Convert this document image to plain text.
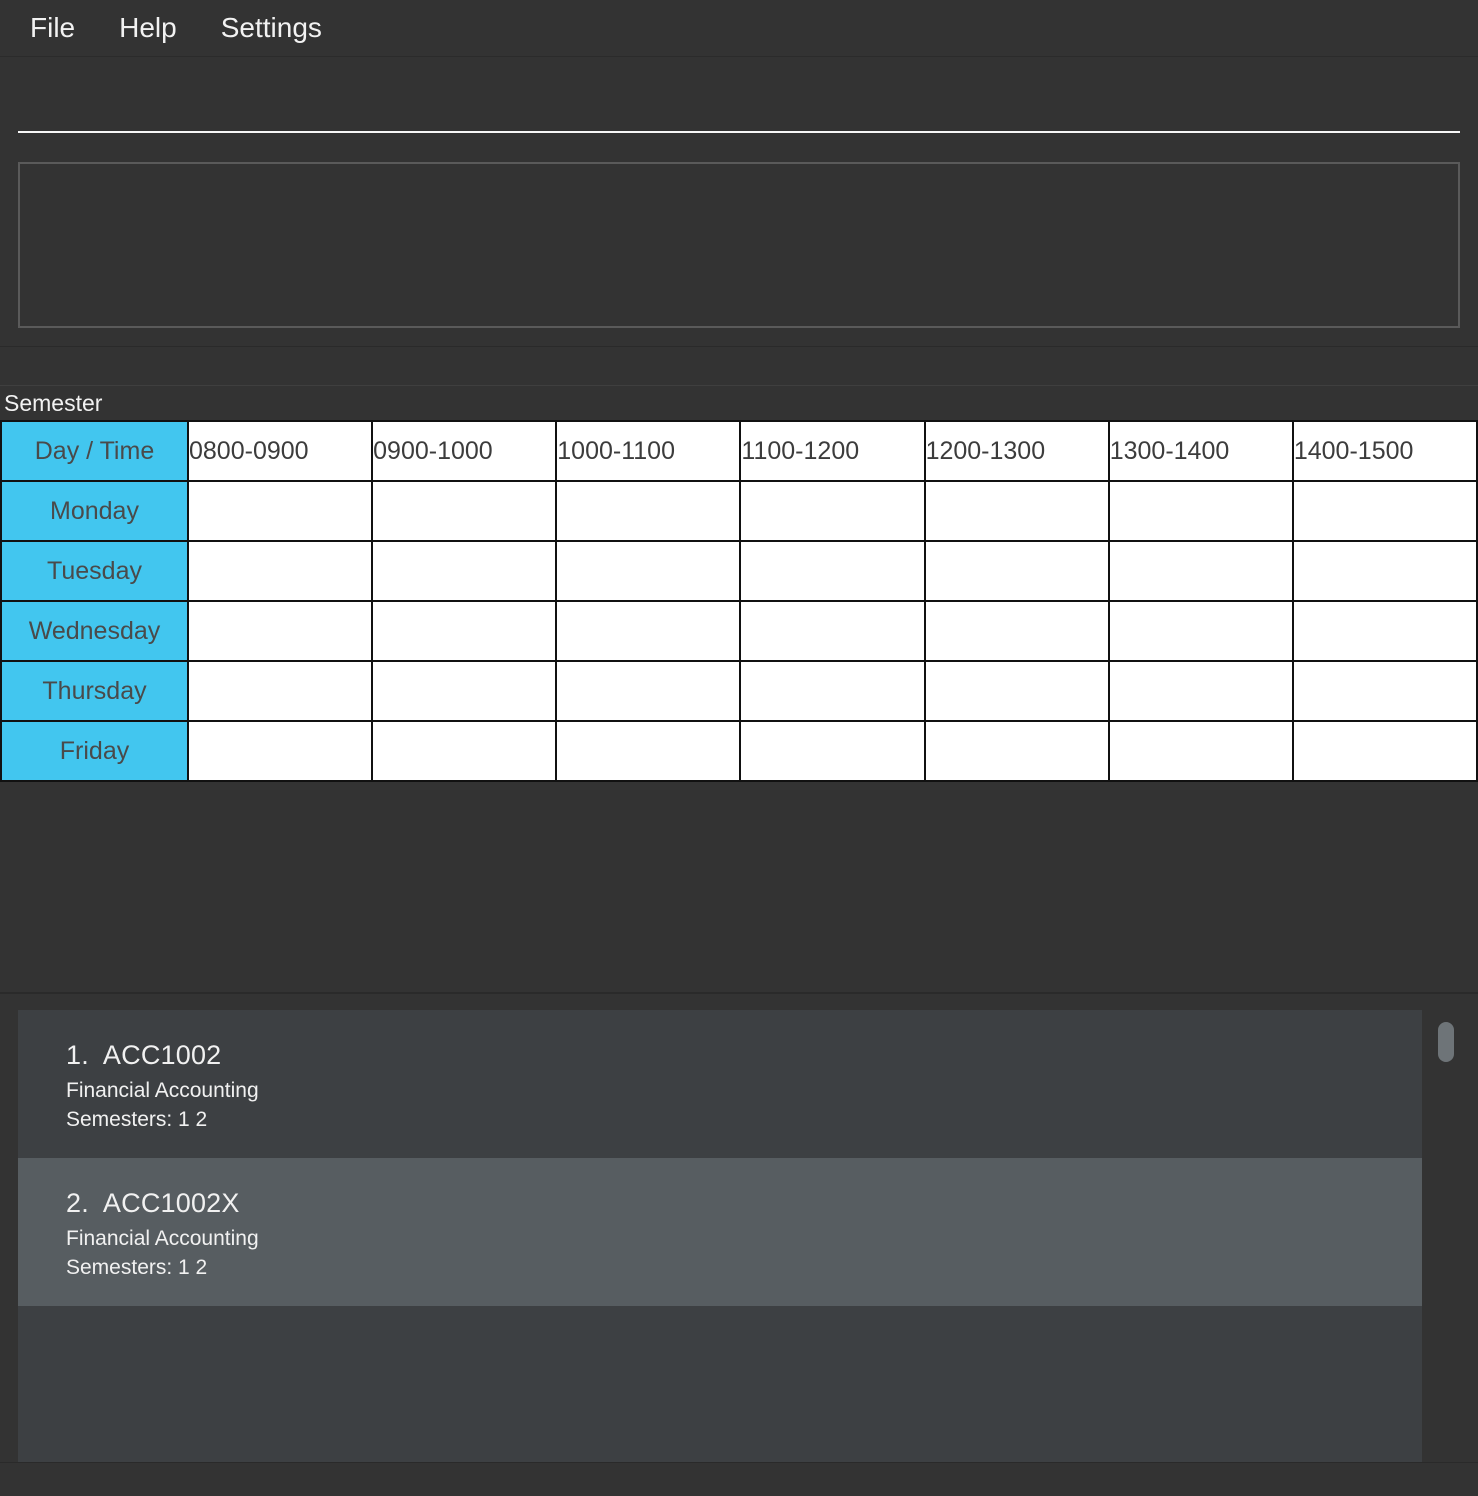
File Help Settings
Semester
Day / Time	0800-0900	0900-1000	1000-1100	1100-1200	1200-1300	1300-1400	1400-1500
Monday							
Tuesday							
Wednesday							
Thursday							
Friday							
1. ACC1002
Financial Accounting
Semesters: 1 2
2. ACC1002X
Financial Accounting
Semesters: 1 2
